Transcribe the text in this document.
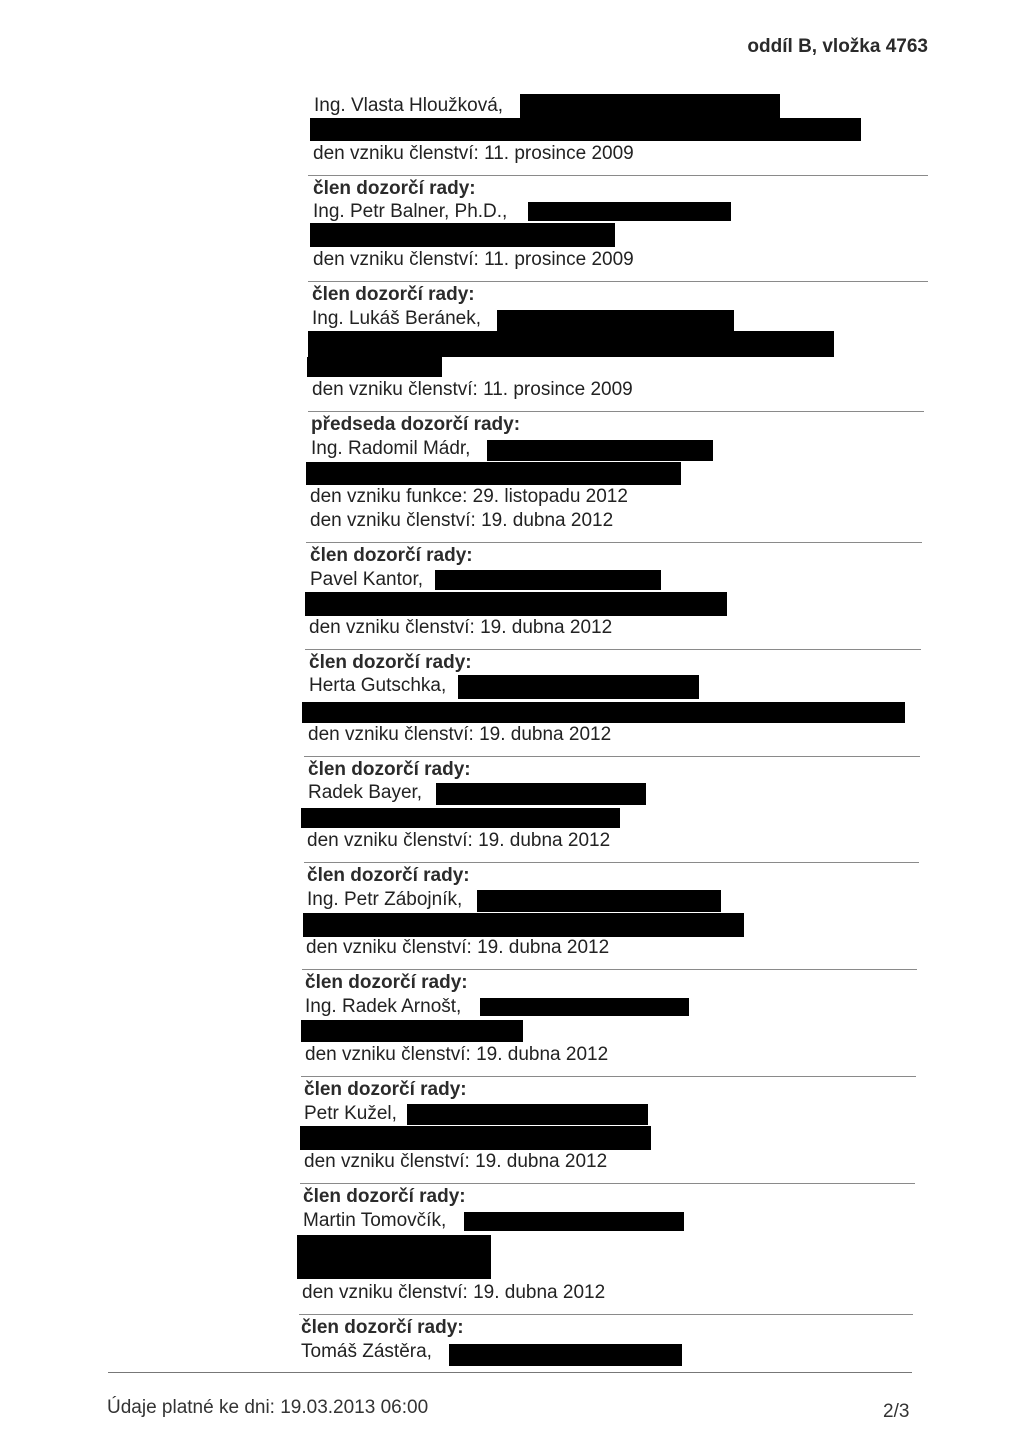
oddíl B, vložka 4763
Ing. Vlasta Hloužková,
den vzniku členství: 11. prosince 2009
člen dozorčí rady:
Ing. Petr Balner, Ph.D.,
den vzniku členství: 11. prosince 2009
člen dozorčí rady:
Ing. Lukáš Beránek,
den vzniku členství: 11. prosince 2009
předseda dozorčí rady:
Ing. Radomil Mádr,
den vzniku funkce: 29. listopadu 2012
den vzniku členství: 19. dubna 2012
člen dozorčí rady:
Pavel Kantor,
den vzniku členství: 19. dubna 2012
člen dozorčí rady:
Herta Gutschka,
den vzniku členství: 19. dubna 2012
člen dozorčí rady:
Radek Bayer,
den vzniku členství: 19. dubna 2012
člen dozorčí rady:
Ing. Petr Zábojník,
den vzniku členství: 19. dubna 2012
člen dozorčí rady:
Ing. Radek Arnošt,
den vzniku členství: 19. dubna 2012
člen dozorčí rady:
Petr Kužel,
den vzniku členství: 19. dubna 2012
člen dozorčí rady:
Martin Tomovčík,
den vzniku členství: 19. dubna 2012
člen dozorčí rady:
Tomáš Zástěra,
Údaje platné ke dni: 19.03.2013 06:00	2/3
